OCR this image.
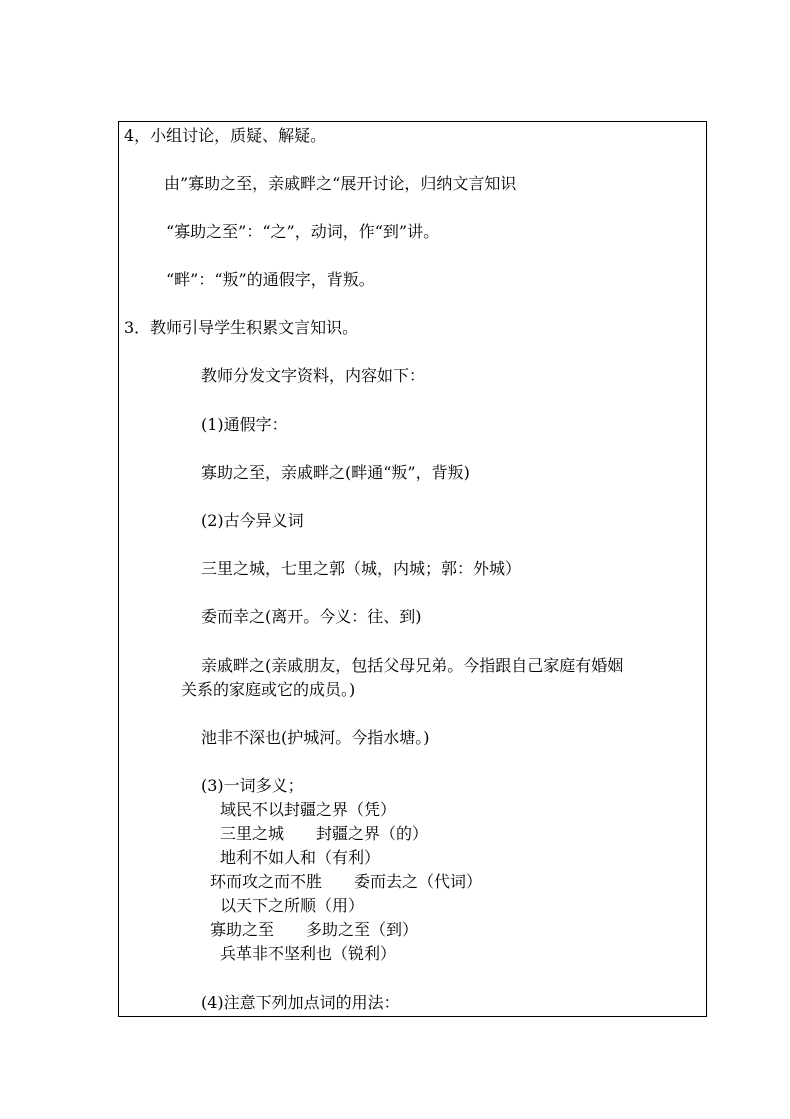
4，小组讨论，质疑、解疑。
由”寡助之至，亲戚畔之“展开讨论，归纳文言知识
“寡助之至”：“之”，动词，作“到”讲。
“畔”：“叛”的通假字，背叛。
3．教师引导学生积累文言知识。
教师分发文字资料，内容如下：
(1)通假字：
寡助之至，亲戚畔之(畔通“叛”，背叛)
(2)古今异义词
三里之城，七里之郭（城，内城；郭：外城）
委而幸之(离开。今义：往、到)
亲戚畔之(亲戚朋友，包括父母兄弟。今指跟自己家庭有婚姻
关系的家庭或它的成员。)
池非不深也(护城河。今指水塘。)
(3)一词多义；
域民不以封疆之界（凭）
三里之城　　封疆之界（的）
地利不如人和（有利）
环而攻之而不胜　　委而去之（代词）
以天下之所顺（用）
寡助之至　　多助之至（到）
兵革非不坚利也（锐利）
(4)注意下列加点词的用法：
